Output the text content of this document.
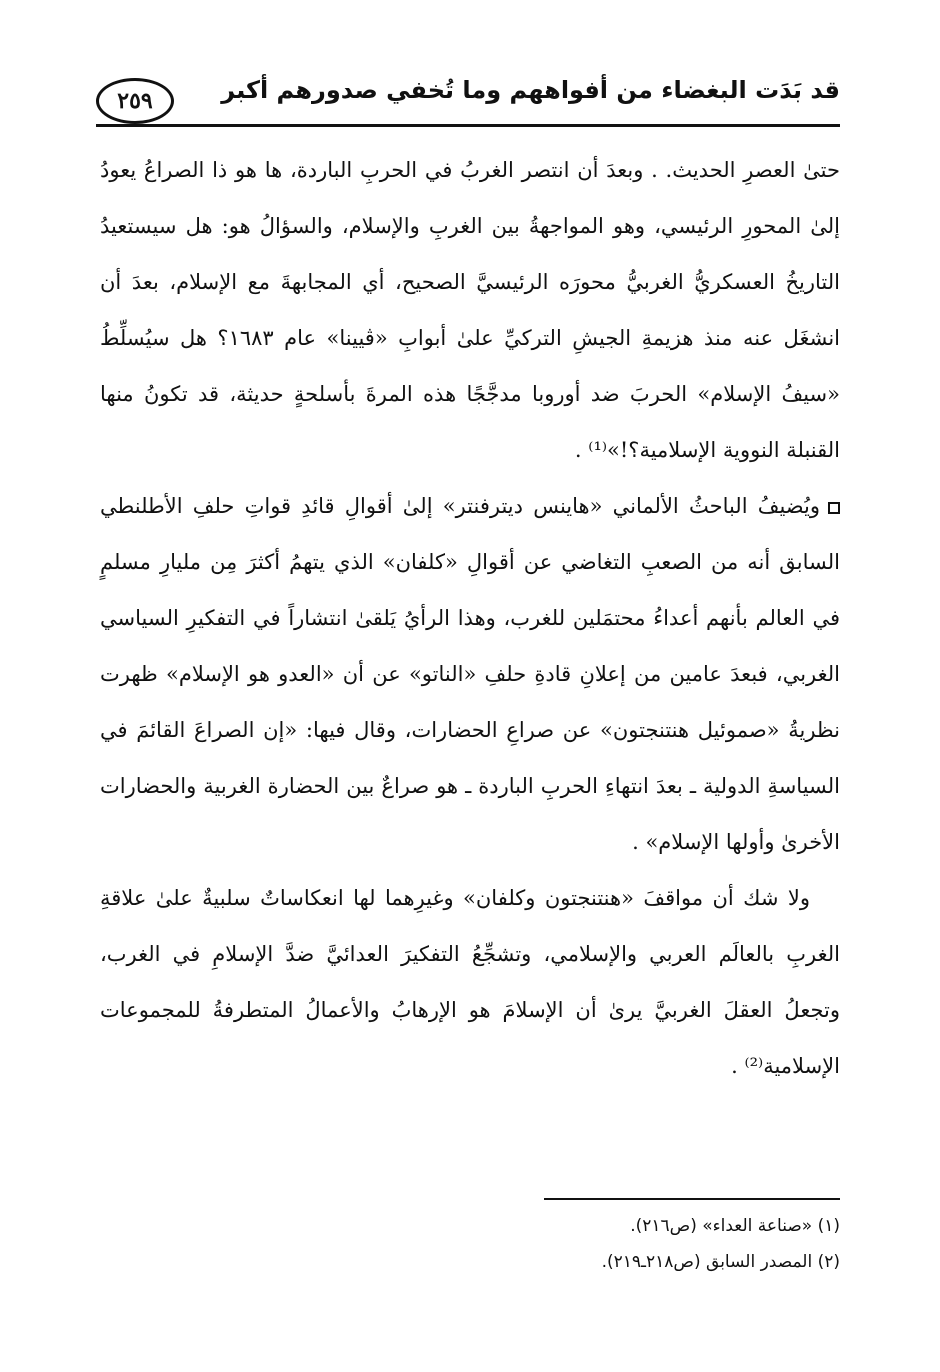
٢٥٩	قد بَدَت البغضاء من أفواههم وما تُخفي صدورهم أكبر

حتىٰ العصرِ الحديث. . وبعدَ أن انتصر الغربُ في الحربِ الباردة، ها هو ذا الصراعُ يعودُ إلىٰ المحورِ الرئيسي، وهو المواجهةُ بين الغربِ والإسلام، والسؤالُ هو: هل سيستعيدُ التاريخُ العسكريُّ الغربيُّ محورَه الرئيسيَّ الصحيح، أي المجابهةَ مع الإسلام، بعدَ أن انشغَل عنه منذ هزيمةِ الجيشِ التركيِّ علىٰ أبوابِ «ڤيينا» عام ١٦٨٣؟ هل سيُسلِّطُ «سيفُ الإسلام» الحربَ ضد أوروبا مدجَّجًا هذه المرةَ بأسلحةٍ حديثة، قد تكونُ منها القنبلة النووية الإسلامية؟!»⁽¹⁾ .

ويُضيفُ الباحثُ الألماني «هاينس ديترفنتر» إلىٰ أقوالِ قائدِ قواتِ حلفِ الأطلنطي السابق أنه من الصعبِ التغاضي عن أقوالِ «كلفان» الذي يتهمُ أكثرَ مِن مليارِ مسلمٍ في العالم بأنهم أعداءُ محتمَلين للغرب، وهذا الرأيُ يَلقىٰ انتشاراً في التفكيرِ السياسي الغربي، فبعدَ عامين من إعلانِ قادةِ حلفِ «الناتو» عن أن «العدو هو الإسلام» ظهرت نظريةُ «صموئيل هنتنجتون» عن صراعِ الحضارات، وقال فيها: «إن الصراعَ القائمَ في السياسةِ الدولية ـ بعدَ انتهاءِ الحربِ الباردة ـ هو صراعٌ بين الحضارة الغربية والحضارات الأخرىٰ وأولها الإسلام» .

ولا شك أن مواقفَ «هنتنجتون وكلفان» وغيرِهما لها انعكاساتٌ سلبيةٌ علىٰ علاقةِ الغربِ بالعالَم العربي والإسلامي، وتشجِّعُ التفكيرَ العدائيَّ ضدَّ الإسلامِ في الغرب، وتجعلُ العقلَ الغربيَّ يرىٰ أن الإسلامَ هو الإرهابُ والأعمالُ المتطرفةُ للمجموعات الإسلامية⁽²⁾ .

(١) «صناعة العداء» (ص٢١٦).
(٢) المصدر السابق (ص٢١٨ـ٢١٩).
